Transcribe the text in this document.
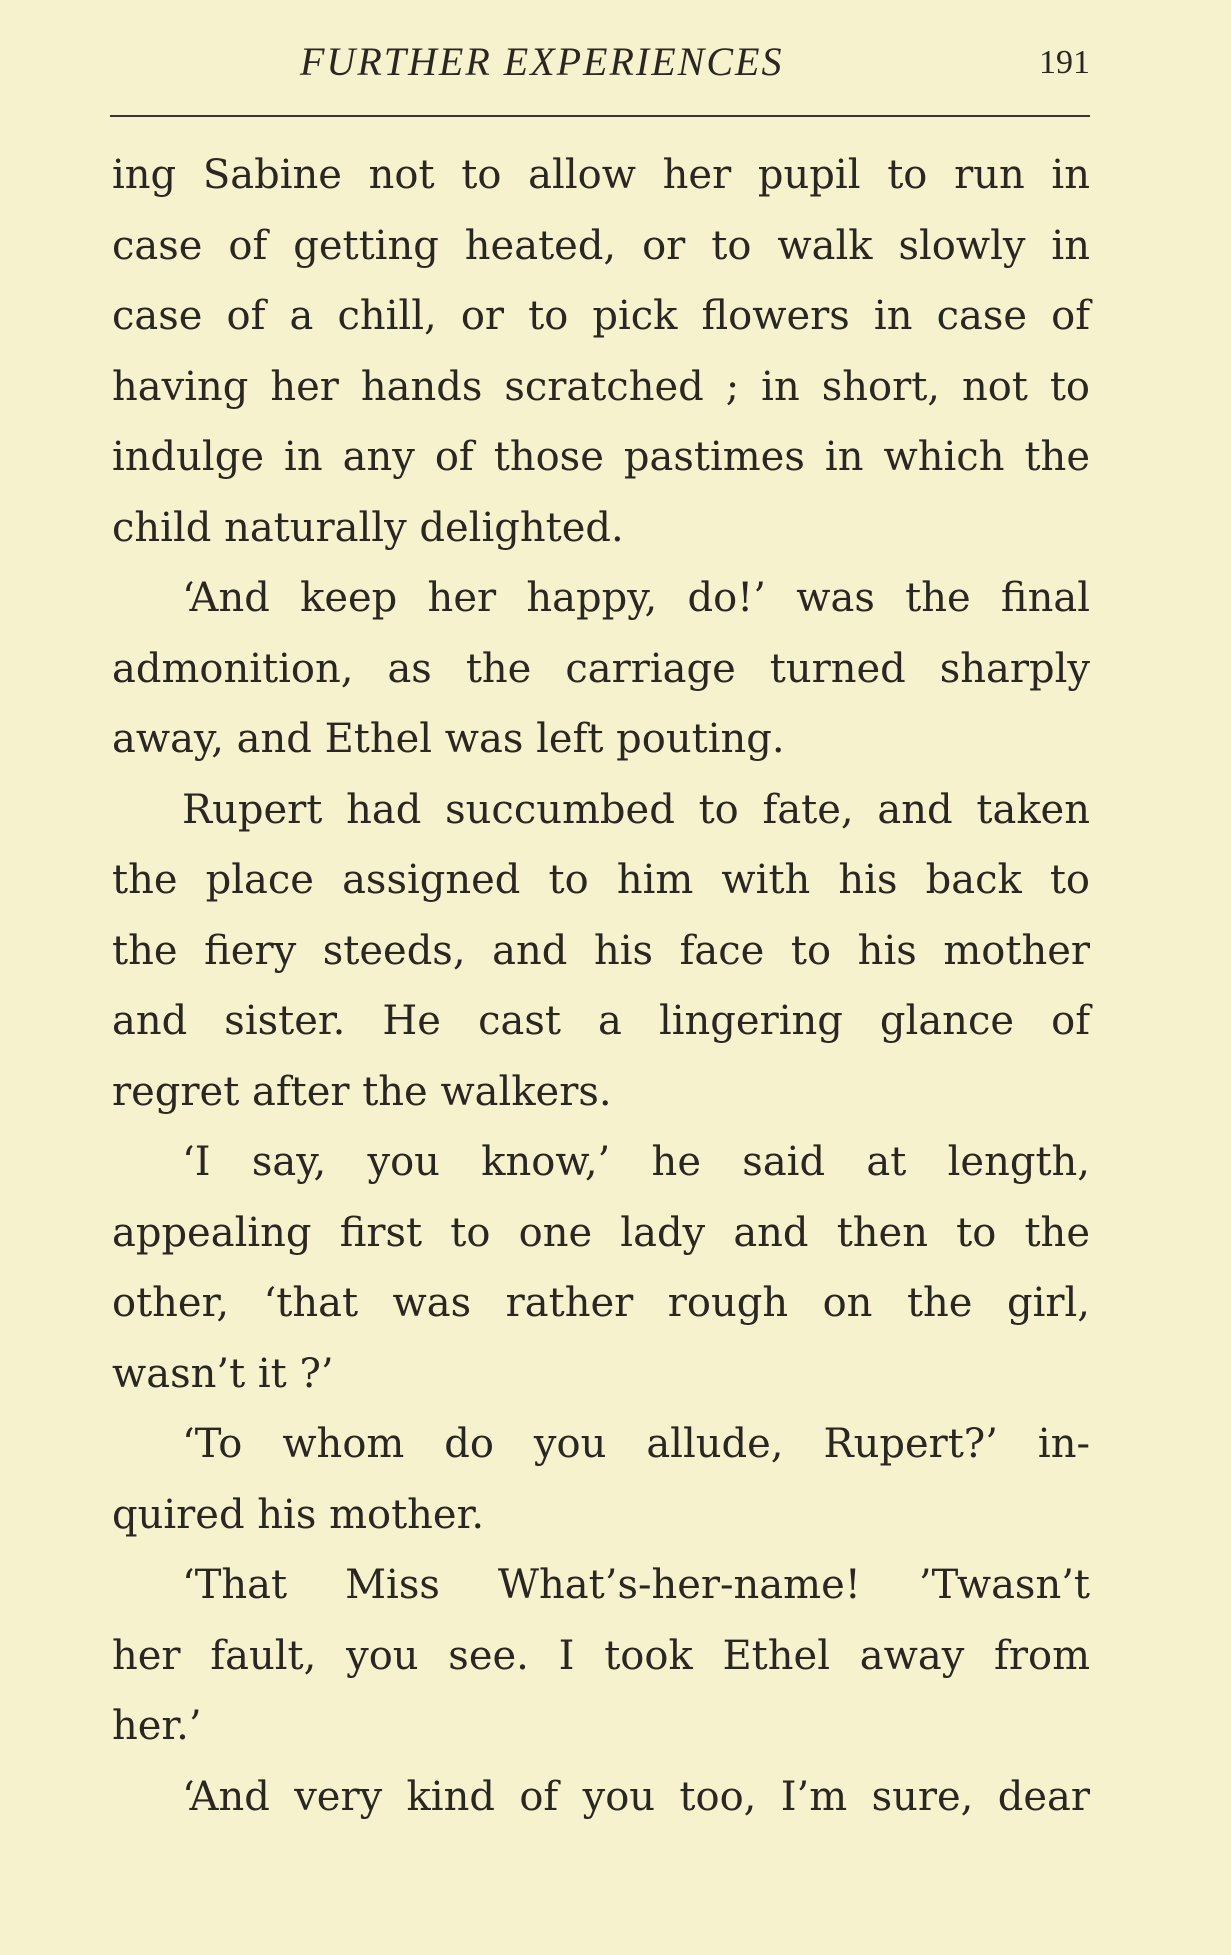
FURTHER EXPERIENCES	191
ing Sabine not to allow her pupil to run in
case of getting heated, or to walk slowly in
case of a chill, or to pick flowers in case of
having her hands scratched ; in short, not to
indulge in any of those pastimes in which the
child naturally delighted.
‘And keep her happy, do!’ was the final
admonition, as the carriage turned sharply
away, and Ethel was left pouting.
Rupert had succumbed to fate, and taken
the place assigned to him with his back to
the fiery steeds, and his face to his mother
and sister. He cast a lingering glance of
regret after the walkers.
‘I say, you know,’ he said at length,
appealing first to one lady and then to the
other, ‘that was rather rough on the girl,
wasn’t it ?’
‘To whom do you allude, Rupert?’ in-
quired his mother.
‘That Miss What’s-her-name! ’Twasn’t
her fault, you see. I took Ethel away from
her.’
‘And very kind of you too, I’m sure, dear
